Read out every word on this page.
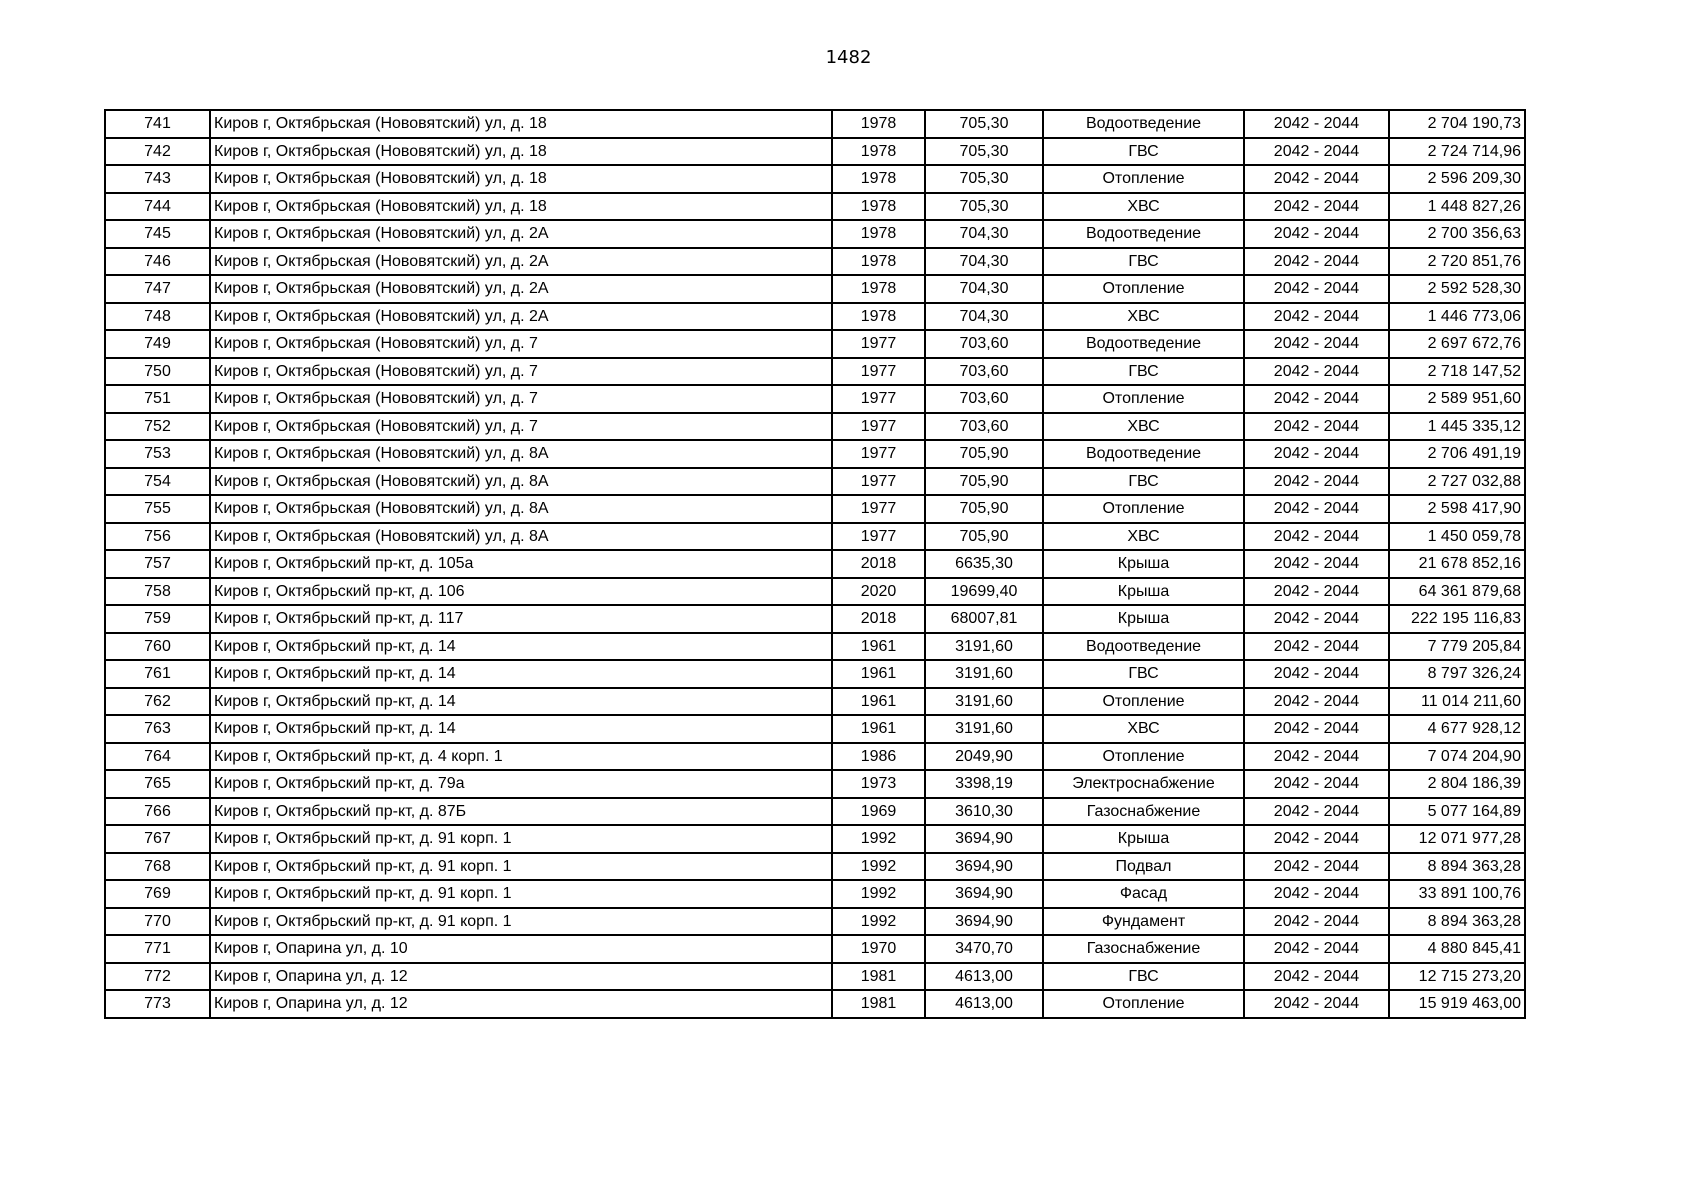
1482
741	Киров г, Октябрьская (Нововятский) ул, д. 18	1978	705,30	Водоотведение	2042 - 2044	2 704 190,73
742	Киров г, Октябрьская (Нововятский) ул, д. 18	1978	705,30	ГВС	2042 - 2044	2 724 714,96
743	Киров г, Октябрьская (Нововятский) ул, д. 18	1978	705,30	Отопление	2042 - 2044	2 596 209,30
744	Киров г, Октябрьская (Нововятский) ул, д. 18	1978	705,30	ХВС	2042 - 2044	1 448 827,26
745	Киров г, Октябрьская (Нововятский) ул, д. 2А	1978	704,30	Водоотведение	2042 - 2044	2 700 356,63
746	Киров г, Октябрьская (Нововятский) ул, д. 2А	1978	704,30	ГВС	2042 - 2044	2 720 851,76
747	Киров г, Октябрьская (Нововятский) ул, д. 2А	1978	704,30	Отопление	2042 - 2044	2 592 528,30
748	Киров г, Октябрьская (Нововятский) ул, д. 2А	1978	704,30	ХВС	2042 - 2044	1 446 773,06
749	Киров г, Октябрьская (Нововятский) ул, д. 7	1977	703,60	Водоотведение	2042 - 2044	2 697 672,76
750	Киров г, Октябрьская (Нововятский) ул, д. 7	1977	703,60	ГВС	2042 - 2044	2 718 147,52
751	Киров г, Октябрьская (Нововятский) ул, д. 7	1977	703,60	Отопление	2042 - 2044	2 589 951,60
752	Киров г, Октябрьская (Нововятский) ул, д. 7	1977	703,60	ХВС	2042 - 2044	1 445 335,12
753	Киров г, Октябрьская (Нововятский) ул, д. 8А	1977	705,90	Водоотведение	2042 - 2044	2 706 491,19
754	Киров г, Октябрьская (Нововятский) ул, д. 8А	1977	705,90	ГВС	2042 - 2044	2 727 032,88
755	Киров г, Октябрьская (Нововятский) ул, д. 8А	1977	705,90	Отопление	2042 - 2044	2 598 417,90
756	Киров г, Октябрьская (Нововятский) ул, д. 8А	1977	705,90	ХВС	2042 - 2044	1 450 059,78
757	Киров г, Октябрьский пр-кт, д. 105а	2018	6635,30	Крыша	2042 - 2044	21 678 852,16
758	Киров г, Октябрьский пр-кт, д. 106	2020	19699,40	Крыша	2042 - 2044	64 361 879,68
759	Киров г, Октябрьский пр-кт, д. 117	2018	68007,81	Крыша	2042 - 2044	222 195 116,83
760	Киров г, Октябрьский пр-кт, д. 14	1961	3191,60	Водоотведение	2042 - 2044	7 779 205,84
761	Киров г, Октябрьский пр-кт, д. 14	1961	3191,60	ГВС	2042 - 2044	8 797 326,24
762	Киров г, Октябрьский пр-кт, д. 14	1961	3191,60	Отопление	2042 - 2044	11 014 211,60
763	Киров г, Октябрьский пр-кт, д. 14	1961	3191,60	ХВС	2042 - 2044	4 677 928,12
764	Киров г, Октябрьский пр-кт, д. 4 корп. 1	1986	2049,90	Отопление	2042 - 2044	7 074 204,90
765	Киров г, Октябрьский пр-кт, д. 79а	1973	3398,19	Электроснабжение	2042 - 2044	2 804 186,39
766	Киров г, Октябрьский пр-кт, д. 87Б	1969	3610,30	Газоснабжение	2042 - 2044	5 077 164,89
767	Киров г, Октябрьский пр-кт, д. 91 корп. 1	1992	3694,90	Крыша	2042 - 2044	12 071 977,28
768	Киров г, Октябрьский пр-кт, д. 91 корп. 1	1992	3694,90	Подвал	2042 - 2044	8 894 363,28
769	Киров г, Октябрьский пр-кт, д. 91 корп. 1	1992	3694,90	Фасад	2042 - 2044	33 891 100,76
770	Киров г, Октябрьский пр-кт, д. 91 корп. 1	1992	3694,90	Фундамент	2042 - 2044	8 894 363,28
771	Киров г, Опарина ул, д. 10	1970	3470,70	Газоснабжение	2042 - 2044	4 880 845,41
772	Киров г, Опарина ул, д. 12	1981	4613,00	ГВС	2042 - 2044	12 715 273,20
773	Киров г, Опарина ул, д. 12	1981	4613,00	Отопление	2042 - 2044	15 919 463,00
